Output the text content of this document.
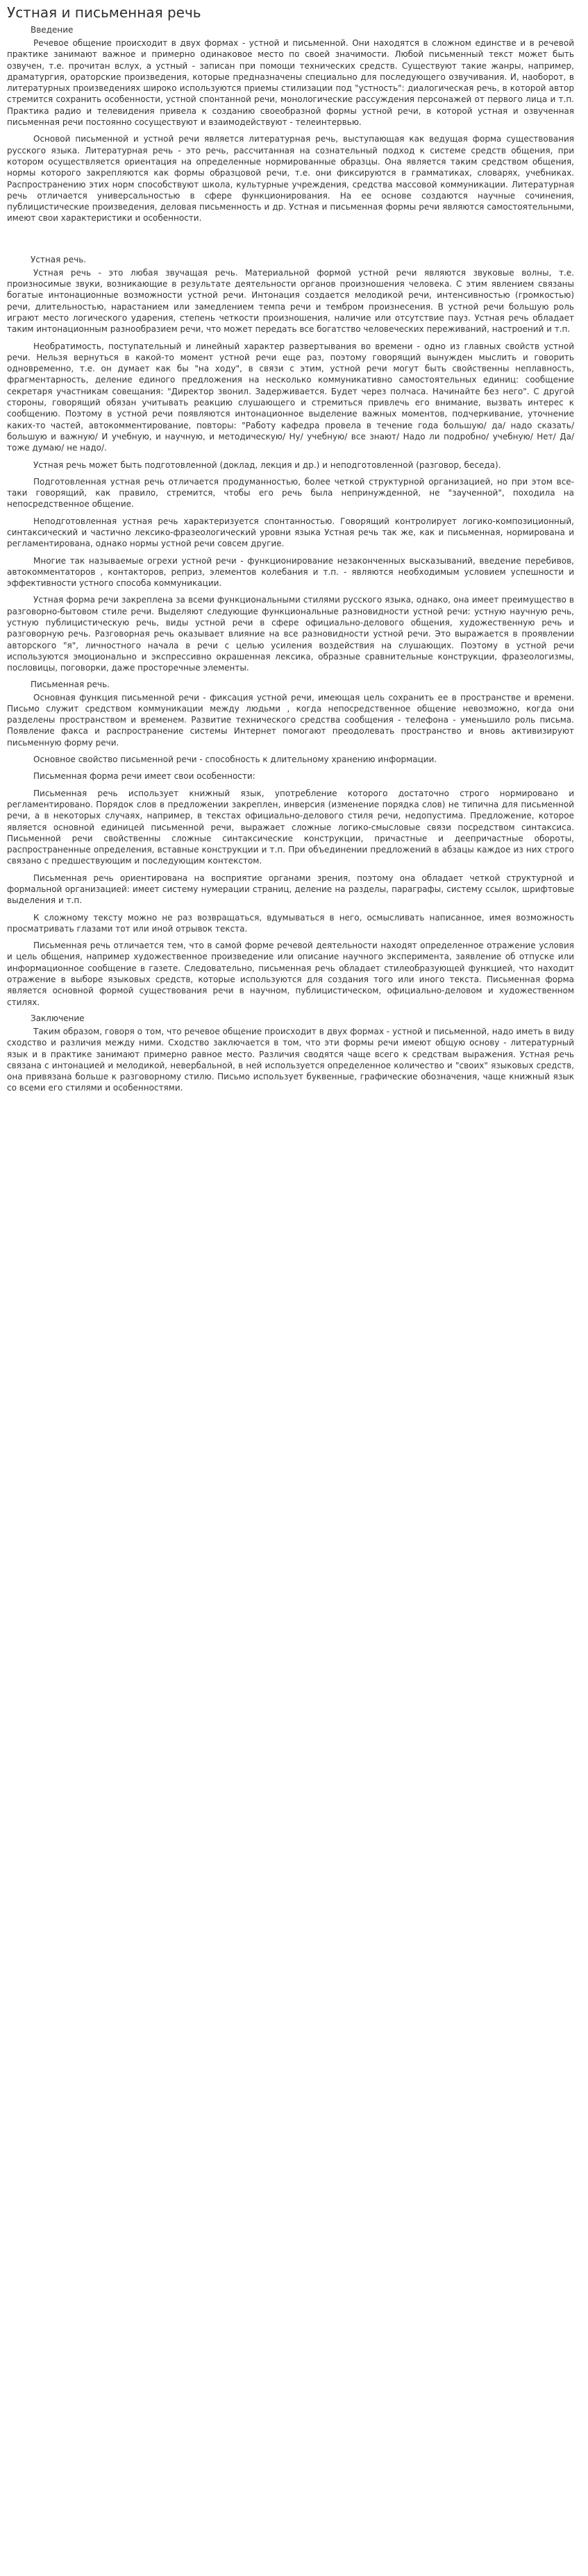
Устная и письменная речь
Введение

Речевое общение происходит в двух формах - устной и письменной. Они находятся в сложном единстве и в речевой практике занимают важное и примерно одинаковое место по своей значимости. Любой письменный текст может быть озвучен, т.е. прочитан вслух, а устный - записан при помощи технических средств. Существуют такие жанры, например, драматургия, ораторские произведения, которые предназначены специально для последующего озвучивания. И, наоборот, в литературных произведениях широко используются приемы стилизации под "устность": диалогическая речь, в которой автор стремится сохранить особенности, устной спонтанной речи, монологические рассуждения персонажей от первого лица и т.п. Практика радио и телевидения привела к созданию своеобразной формы устной речи, в которой устная и озвученная письменная речи постоянно сосуществуют и взаимодействуют - телеинтервью.

Основой письменной и устной речи является литературная речь, выступающая как ведущая форма существования русского языка. Литературная речь - это речь, рассчитанная на сознательный подход к системе средств общения, при котором осуществляется ориентация на определенные нормированные образцы. Она является таким средством общения, нормы которого закрепляются как формы образцовой речи, т.е. они фиксируются в грамматиках, словарях, учебниках. Распространению этих норм способствуют школа, культурные учреждения, средства массовой коммуникации. Литературная речь отличается универсальностью в сфере функционирования. На ее основе создаются научные сочинения, публицистические произведения, деловая письменность и др. Устная и письменная формы речи являются самостоятельными, имеют свои характеристики и особенности.

Устная речь.

Устная речь - это любая звучащая речь. Материальной формой устной речи являются звуковые волны, т.е. произносимые звуки, возникающие в результате деятельности органов произношения человека. С этим явлением связаны богатые интонационные возможности устной речи. Интонация создается мелодикой речи, интенсивностью (громкостью) речи, длительностью, нарастанием или замедлением темпа речи и тембром произнесения. В устной речи большую роль играют место логического ударения, степень четкости произношения, наличие или отсутствие пауз. Устная речь обладает таким интонационным разнообразием речи, что может передать все богатство человеческих переживаний, настроений и т.п.

Необратимость, поступательный и линейный характер развертывания во времени - одно из главных свойств устной речи. Нельзя вернуться в какой-то момент устной речи еще раз, поэтому говорящий вынужден мыслить и говорить одновременно, т.е. он думает как бы "на ходу", в связи с этим, устной речи могут быть свойственны неплавность, фрагментарность, деление единого предложения на несколько коммуникативно самостоятельных единиц: сообщение секретаря участникам совещания: "Директор звонил. Задерживается. Будет через полчаса. Начинайте без него". С другой стороны, говорящий обязан учитывать реакцию слушающего и стремиться привлечь его внимание, вызвать интерес к сообщению. Поэтому в устной речи появляются интонационное выделение важных моментов, подчеркивание, уточнение каких-то частей, автокомментирование, повторы: "Работу кафедра провела в течение года большую/ да/ надо сказать/ большую и важную/ И учебную, и научную, и методическую/ Ну/ учебную/ все знают/ Надо ли подробно/ учебную/ Нет/ Да/ тоже думаю/ не надо/.

Устная речь может быть подготовленной (доклад, лекция и др.) и неподготовленной (разговор, беседа).

Подготовленная устная речь отличается продуманностью, более четкой структурной организацией, но при этом все-таки говорящий, как правило, стремится, чтобы его речь была непринужденной, не "заученной", походила на непосредственное общение.

Неподготовленная устная речь характеризуется спонтанностью. Говорящий контролирует логико-композиционный, синтаксический и частично лексико-фразеологический уровни языка Устная речь так же, как и письменная, нормирована и регламентирована, однако нормы устной речи совсем другие.

Многие так называемые огрехи устной речи - функционирование незаконченных высказываний, введение перебивов, автокомментаторов , контакторов, реприз, элементов колебания и т.п. - являются необходимым условием успешности и эффективности устного способа коммуникации.

Устная форма речи закреплена за всеми функциональными стилями русского языка, однако, она имеет преимущество в разговорно-бытовом стиле речи. Выделяют следующие функциональные разновидности устной речи: устную научную речь, устную публицистическую речь, виды устной речи в сфере официально-делового общения, художественную речь и разговорную речь. Разговорная речь оказывает влияние на все разновидности устной речи. Это выражается в проявлении авторского "я", личностного начала в речи с целью усиления воздействия на слушающих. Поэтому в устной речи используются эмоционально и экспрессивно окрашенная лексика, образные сравнительные конструкции, фразеологизмы, пословицы, поговорки, даже просторечные элементы.

Письменная речь.

Основная функция письменной речи - фиксация устной речи, имеющая цель сохранить ее в пространстве и времени. Письмо служит средством коммуникации между людьми , когда непосредственное общение невозможно, когда они разделены пространством и временем. Развитие технического средства сообщения - телефона - уменьшило роль письма. Появление факса и распространение системы Интернет помогают преодолевать пространство и вновь активизируют письменную форму речи.

Основное свойство письменной речи - способность к длительному хранению информации.

Письменная форма речи имеет свои особенности:

Письменная речь использует книжный язык, употребление которого достаточно строго нормировано и регламентировано. Порядок слов в предложении закреплен, инверсия (изменение порядка слов) не типична для письменной речи, а в некоторых случаях, например, в текстах официально-делового стиля речи, недопустима. Предложение, которое является основной единицей письменной речи, выражает сложные логико-смысловые связи посредством синтаксиса. Письменной речи свойственны сложные синтаксические конструкции, причастные и деепричастные обороты, распространенные определения, вставные конструкции и т.п. При объединении предложений в абзацы каждое из них строго связано с предшествующим и последующим контекстом.

Письменная речь ориентирована на восприятие органами зрения, поэтому она обладает четкой структурной и формальной организацией: имеет систему нумерации страниц, деление на разделы, параграфы, систему ссылок, шрифтовые выделения и т.п.

К сложному тексту можно не раз возвращаться, вдумываться в него, осмысливать написанное, имея возможность просматривать глазами тот или иной отрывок текста.

Письменная речь отличается тем, что в самой форме речевой деятельности находят определенное отражение условия и цель общения, например художественное произведение или описание научного эксперимента, заявление об отпуске или информационное сообщение в газете. Следовательно, письменная речь обладает стилеобразующей функцией, что находит отражение в выборе языковых средств, которые используются для создания того или иного текста. Письменная форма является основной формой существования речи в научном, публицистическом, официально-деловом и художественном стилях.

Заключение

Таким образом, говоря о том, что речевое общение происходит в двух формах - устной и письменной, надо иметь в виду сходство и различия между ними. Сходство заключается в том, что эти формы речи имеют общую основу - литературный язык и в практике занимают примерно равное место. Различия сводятся чаще всего к средствам выражения. Устная речь связана с интонацией и мелодикой, невербальной, в ней используется определенное количество и "своих" языковых средств, она привязана больше к разговорному стилю. Письмо использует буквенные, графические обозначения, чаще книжный язык со всеми его стилями и особенностями.
